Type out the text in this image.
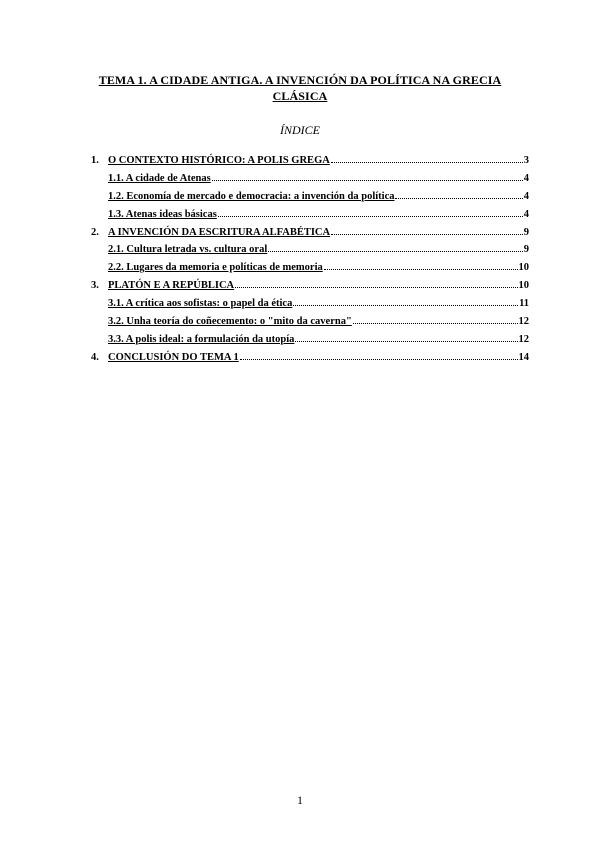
TEMA 1. A CIDADE ANTIGA. A INVENCIÓN DA POLÍTICA NA GRECIA CLÁSICA
ÍNDICE
1. O CONTEXTO HISTÓRICO: A POLIS GREGA	3
1.1. A cidade de Atenas	4
1.2. Economía de mercado e democracia: a invención da política	4
1.3. Atenas ideas básicas	4
2. A INVENCIÓN DA ESCRITURA ALFABÉTICA	9
2.1. Cultura letrada vs. cultura oral	9
2.2. Lugares da memoria e políticas de memoria	10
3. PLATÓN E A REPÚBLICA	10
3.1. A crítica aos sofistas: o papel da ética	11
3.2. Unha teoría do coñecemento: o "mito da caverna"	12
3.3. A polis ideal: a formulación da utopía	12
4. CONCLUSIÓN DO TEMA 1	14
1
